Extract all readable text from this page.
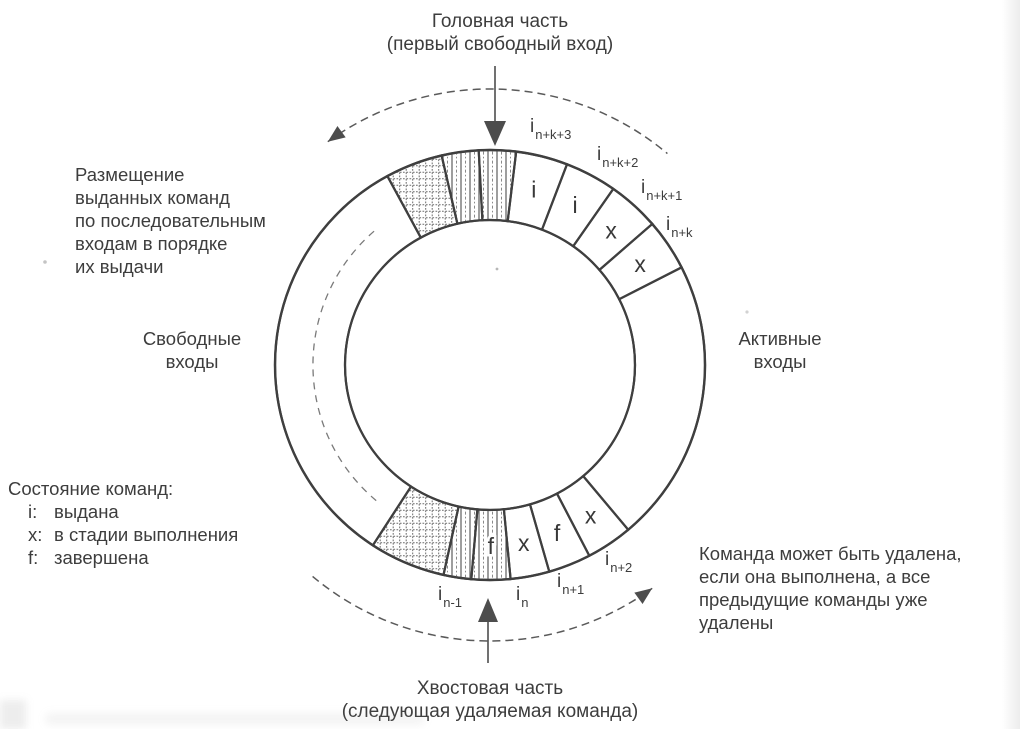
i
i
x
x
x
f
x
f
Головная часть
(первый свободный вход)
Размещение
выданных команд
по последовательным
входам в порядке
их выдачи
Свободные
входы
Активные
входы
Состояние команд:
i: выдана
x: в стадии выполнения
f: завершена	Команда может быть удалена,
если она выполнена, а все
предыдущие команды уже
удалены
Хвостовая часть
(следующая удаляемая команда)
$i_{n+k+3}$
$i_{n+k+2}$
$i_{n+k+1}$
$i_{n+k}$
$i_{n+2}$
$i_{n+1}$
$i_n$
$i_{n-1}$
